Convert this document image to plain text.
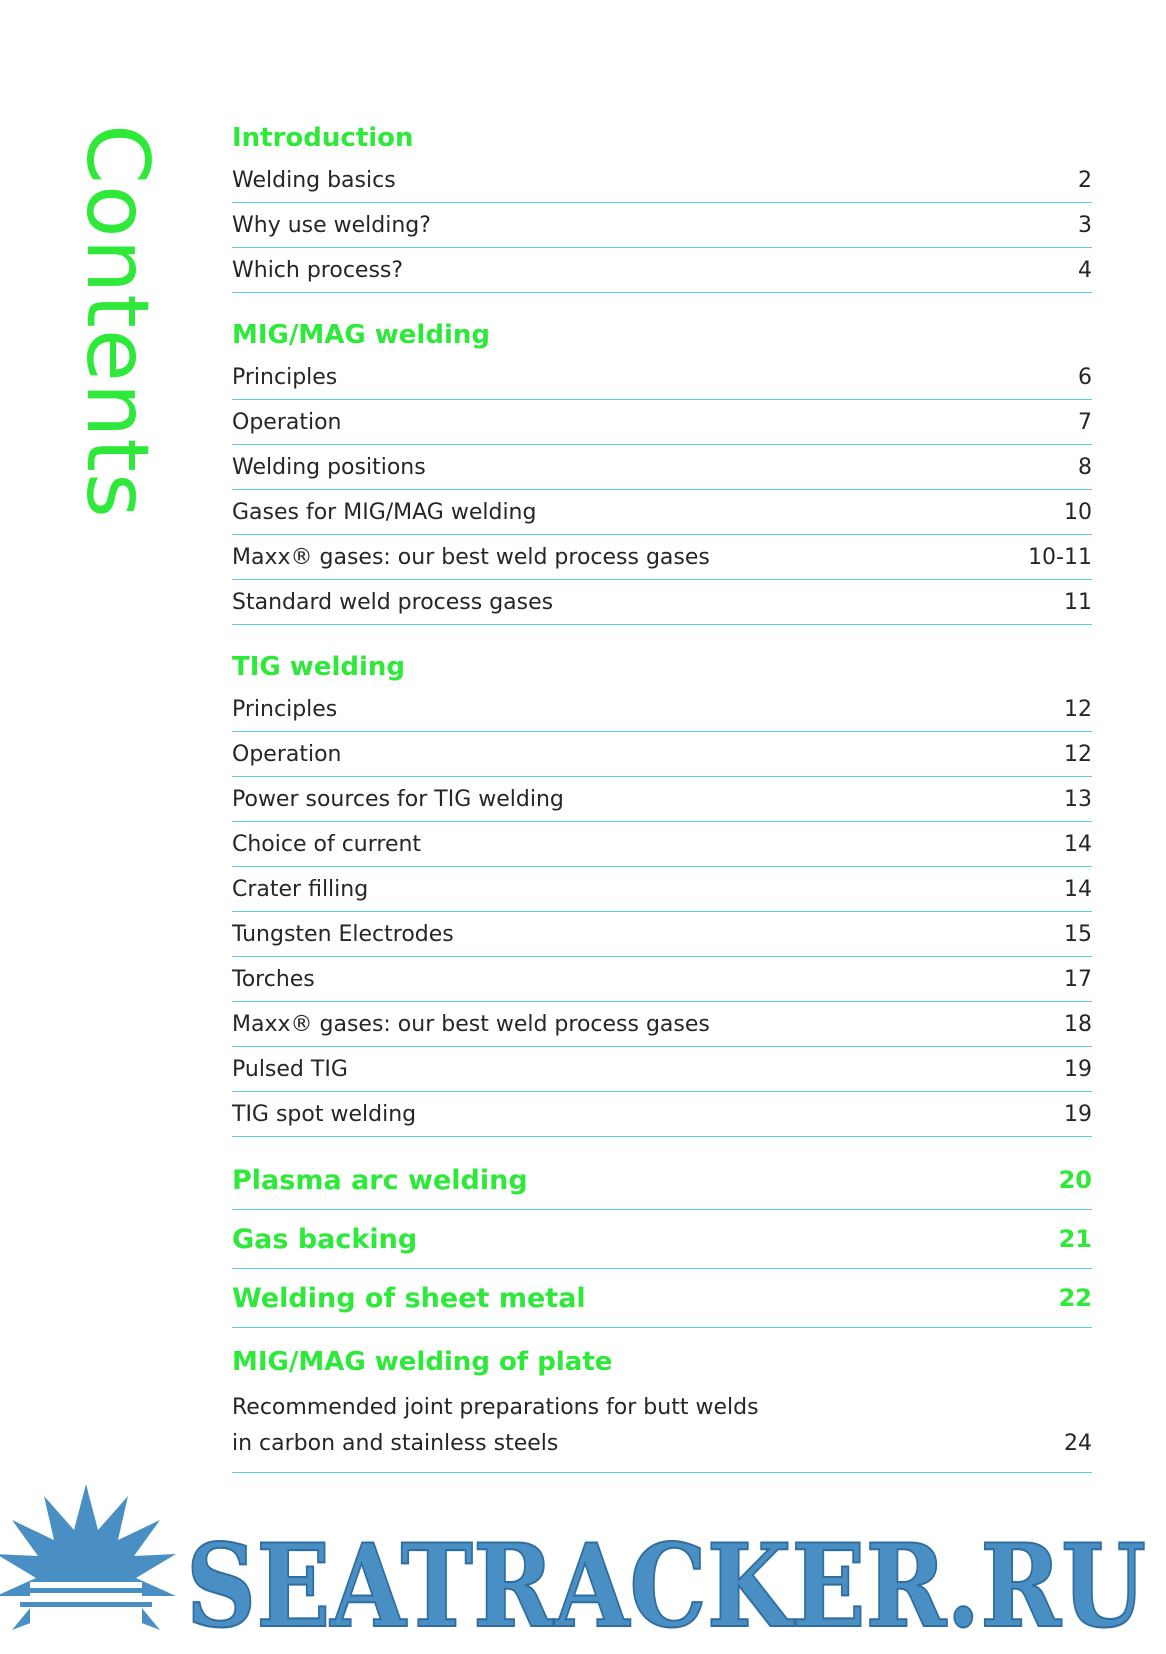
Contents	Introduction
Welding basics	2
Why use welding?	3
Which process?	4
MIG/MAG welding
Principles	6
Operation	7
Welding positions	8
Gases for MIG/MAG welding	10
Maxx® gases: our best weld process gases	10-11
Standard weld process gases	11
TIG welding
Principles	12
Operation	12
Power sources for TIG welding	13
Choice of current	14
Crater filling	14
Tungsten Electrodes	15
Torches	17
Maxx® gases: our best weld process gases	18
Pulsed TIG	19
TIG spot welding	19
Plasma arc welding	20
Gas backing	21
Welding of sheet metal	22
MIG/MAG welding of plate
Recommended joint preparations for butt welds
in carbon and stainless steels	24
SEATRACKER.RU
